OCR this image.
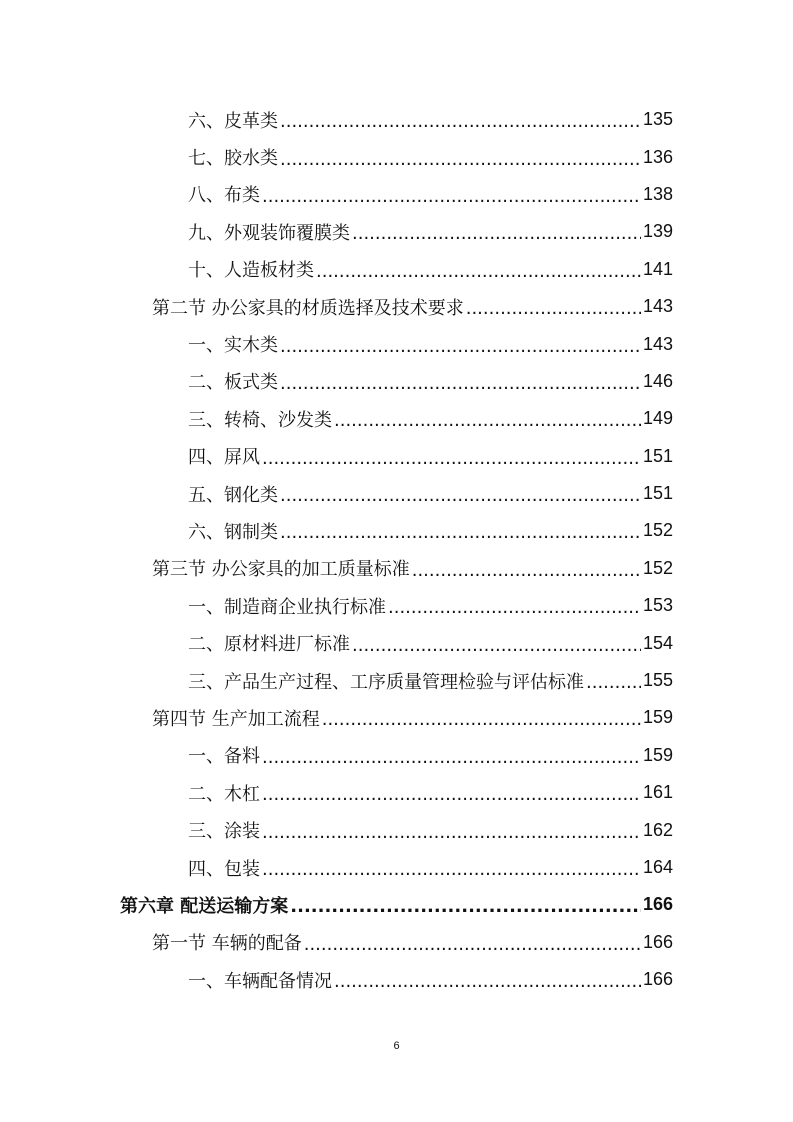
六、皮革类 .....	135
七、胶水类 .....	136
八、布类 .....	138
九、外观装饰覆膜类 .....	139
十、人造板材类 .....	141
第二节 办公家具的材质选择及技术要求 .....	143
一、实木类 .....	143
二、板式类 .....	146
三、转椅、沙发类 .....	149
四、屏风 .....	151
五、钢化类 .....	151
六、钢制类 .....	152
第三节 办公家具的加工质量标准 .....	152
一、制造商企业执行标准 .....	153
二、原材料进厂标准 .....	154
三、产品生产过程、工序质量管理检验与评估标准 .....	155
第四节 生产加工流程 .....	159
一、备料 .....	159
二、木杠 .....	161
三、涂装 .....	162
四、包装 .....	164
第六章 配送运输方案 .....	166
第一节 车辆的配备 .....	166
一、车辆配备情况 .....	166
6
